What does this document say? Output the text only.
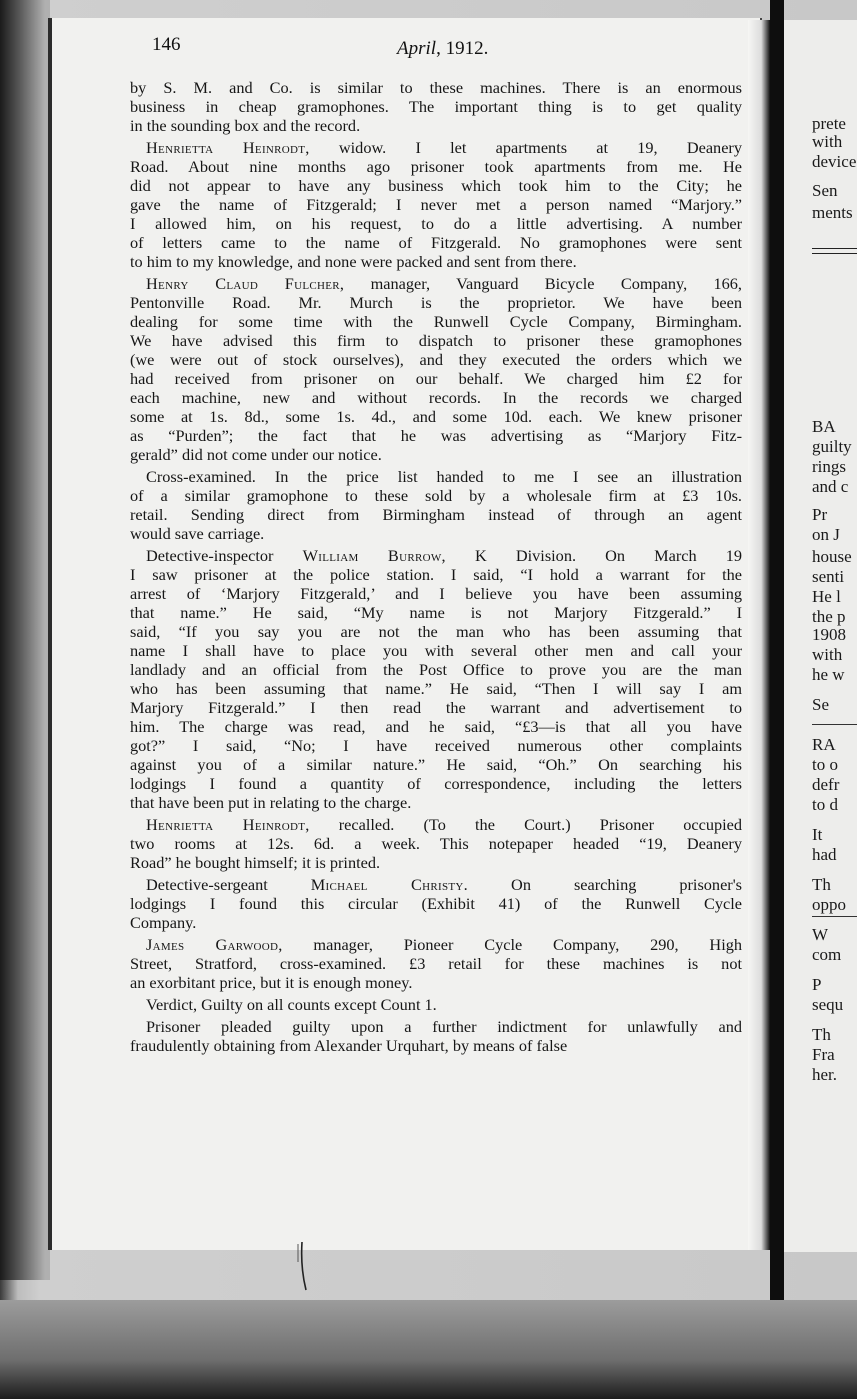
prete
with
device
Sen
ments
BA
guilty
rings
and c
Pr
on J
house
senti
He l
the p
1908
with
he w
Se
RA
to o
defr
to d
It
had
Th
oppo
W
com
P
sequ
Th
Fra
her.
146	April, 1912.
by S. M. and Co. is similar to these machines. There is an enormous
business in cheap gramophones. The important thing is to get quality
in the sounding box and the record.
Henrietta Heinrodt, widow. I let apartments at 19, Deanery
Road. About nine months ago prisoner took apartments from me. He
did not appear to have any business which took him to the City; he
gave the name of Fitzgerald; I never met a person named “Marjory.”
I allowed him, on his request, to do a little advertising. A number
of letters came to the name of Fitzgerald. No gramophones were sent
to him to my knowledge, and none were packed and sent from there.
Henry Claud Fulcher, manager, Vanguard Bicycle Company, 166,
Pentonville Road. Mr. Murch is the proprietor. We have been
dealing for some time with the Runwell Cycle Company, Birmingham.
We have advised this firm to dispatch to prisoner these gramophones
(we were out of stock ourselves), and they executed the orders which we
had received from prisoner on our behalf. We charged him £2 for
each machine, new and without records. In the records we charged
some at 1s. 8d., some 1s. 4d., and some 10d. each. We knew prisoner
as “Purden”; the fact that he was advertising as “Marjory Fitz-
gerald” did not come under our notice.
Cross-examined. In the price list handed to me I see an illustration
of a similar gramophone to these sold by a wholesale firm at £3 10s.
retail. Sending direct from Birmingham instead of through an agent
would save carriage.
Detective-inspector William Burrow, K Division. On March 19
I saw prisoner at the police station. I said, “I hold a warrant for the
arrest of ‘Marjory Fitzgerald,’ and I believe you have been assuming
that name.” He said, “My name is not Marjory Fitzgerald.” I
said, “If you say you are not the man who has been assuming that
name I shall have to place you with several other men and call your
landlady and an official from the Post Office to prove you are the man
who has been assuming that name.” He said, “Then I will say I am
Marjory Fitzgerald.” I then read the warrant and advertisement to
him. The charge was read, and he said, “£3—is that all you have
got?” I said, “No; I have received numerous other complaints
against you of a similar nature.” He said, “Oh.” On searching his
lodgings I found a quantity of correspondence, including the letters
that have been put in relating to the charge.
Henrietta Heinrodt, recalled. (To the Court.) Prisoner occupied
two rooms at 12s. 6d. a week. This notepaper headed “19, Deanery
Road” he bought himself; it is printed.
Detective-sergeant Michael Christy. On searching prisoner's
lodgings I found this circular (Exhibit 41) of the Runwell Cycle
Company.
James Garwood, manager, Pioneer Cycle Company, 290, High
Street, Stratford, cross-examined. £3 retail for these machines is not
an exorbitant price, but it is enough money.
Verdict, Guilty on all counts except Count 1.
Prisoner pleaded guilty upon a further indictment for unlawfully and
fraudulently obtaining from Alexander Urquhart, by means of false
